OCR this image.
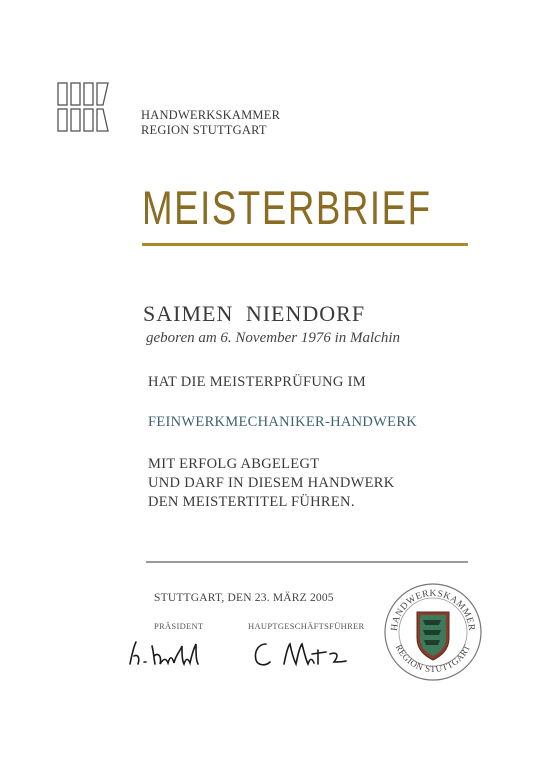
HANDWERKSKAMMER
REGION STUTTGART
MEISTERBRIEF
SAIMEN NIENDORF
geboren am 6. November 1976 in Malchin
HAT DIE MEISTERPRÜFUNG IM
FEINWERKMECHANIKER-HANDWERK
MIT ERFOLG ABGELEGT
UND DARF IN DIESEM HANDWERK
DEN MEISTERTITEL FÜHREN.
STUTTGART, DEN 23. MÄRZ 2005
PRÄSIDENT	HAUPTGESCHÄFTSFÜHRER	HANDWERKSKAMMER
REGION STUTTGART
